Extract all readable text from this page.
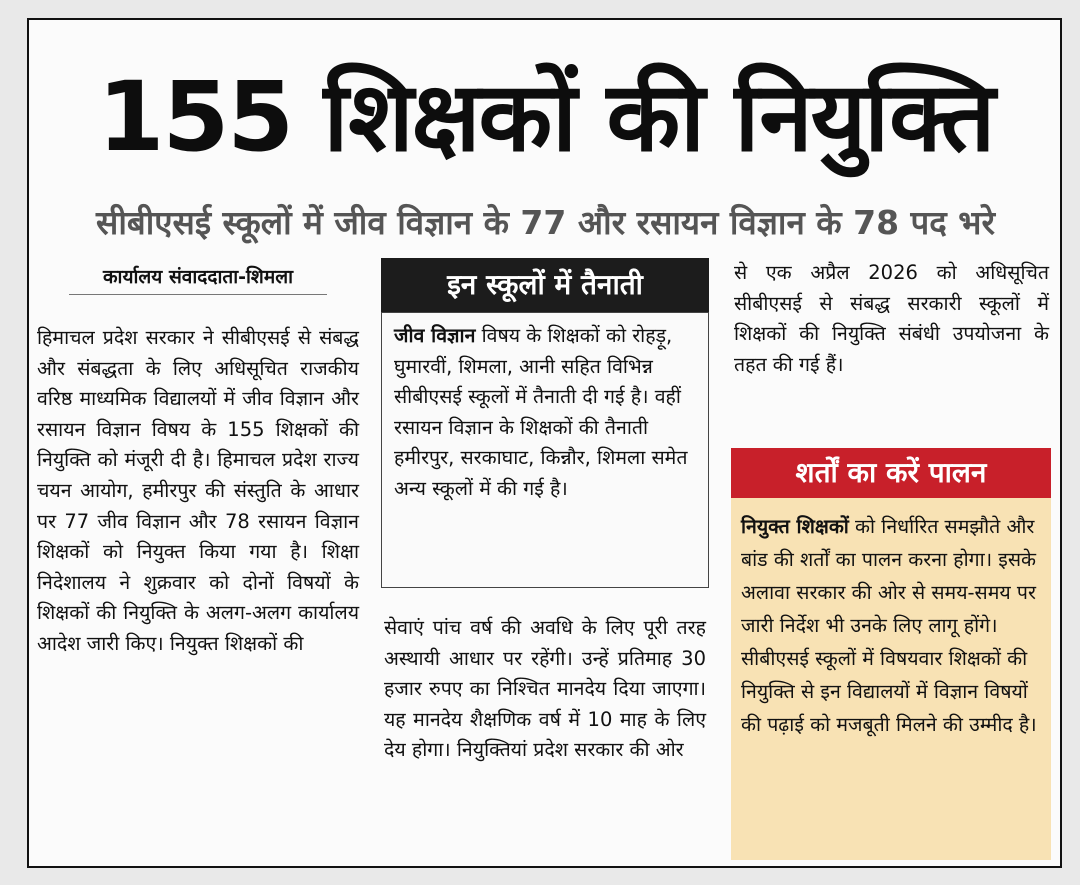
155 शिक्षकों की नियुक्ति
सीबीएसई स्कूलों में जीव विज्ञान के 77 और रसायन विज्ञान के 78 पद भरे
कार्यालय संवाददाता-शिमला
हिमाचल प्रदेश सरकार ने सीबीएसई से संबद्ध और संबद्धता के लिए अधिसूचित राजकीय वरिष्ठ माध्यमिक विद्यालयों में जीव विज्ञान और रसायन विज्ञान विषय के 155 शिक्षकों की नियुक्ति को मंजूरी दी है। हिमाचल प्रदेश राज्य चयन आयोग, हमीरपुर की संस्तुति के आधार पर 77 जीव विज्ञान और 78 रसायन विज्ञान शिक्षकों को नियुक्त किया गया है। शिक्षा निदेशालय ने शुक्रवार को दोनों विषयों के शिक्षकों की नियुक्ति के अलग-अलग कार्यालय आदेश जारी किए। नियुक्त शिक्षकों की
इन स्कूलों में तैनाती
जीव विज्ञान विषय के शिक्षकों को रोहड़ू, घुमारवीं, शिमला, आनी सहित विभिन्न सीबीएसई स्कूलों में तैनाती दी गई है। वहीं रसायन विज्ञान के शिक्षकों की तैनाती हमीरपुर, सरकाघाट, किन्नौर, शिमला समेत अन्य स्कूलों में की गई है।
सेवाएं पांच वर्ष की अवधि के लिए पूरी तरह अस्थायी आधार पर रहेंगी। उन्हें प्रतिमाह 30 हजार रुपए का निश्चित मानदेय दिया जाएगा। यह मानदेय शैक्षणिक वर्ष में 10 माह के लिए देय होगा। नियुक्तियां प्रदेश सरकार की ओर
से एक अप्रैल 2026 को अधिसूचित सीबीएसई से संबद्ध सरकारी स्कूलों में शिक्षकों की नियुक्ति संबंधी उपयोजना के तहत की गई हैं।
शर्तों का करें पालन
नियुक्त शिक्षकों को निर्धारित समझौते और बांड की शर्तों का पालन करना होगा। इसके अलावा सरकार की ओर से समय-समय पर जारी निर्देश भी उनके लिए लागू होंगे। सीबीएसई स्कूलों में विषयवार शिक्षकों की नियुक्ति से इन विद्यालयों में विज्ञान विषयों की पढ़ाई को मजबूती मिलने की उम्मीद है।
